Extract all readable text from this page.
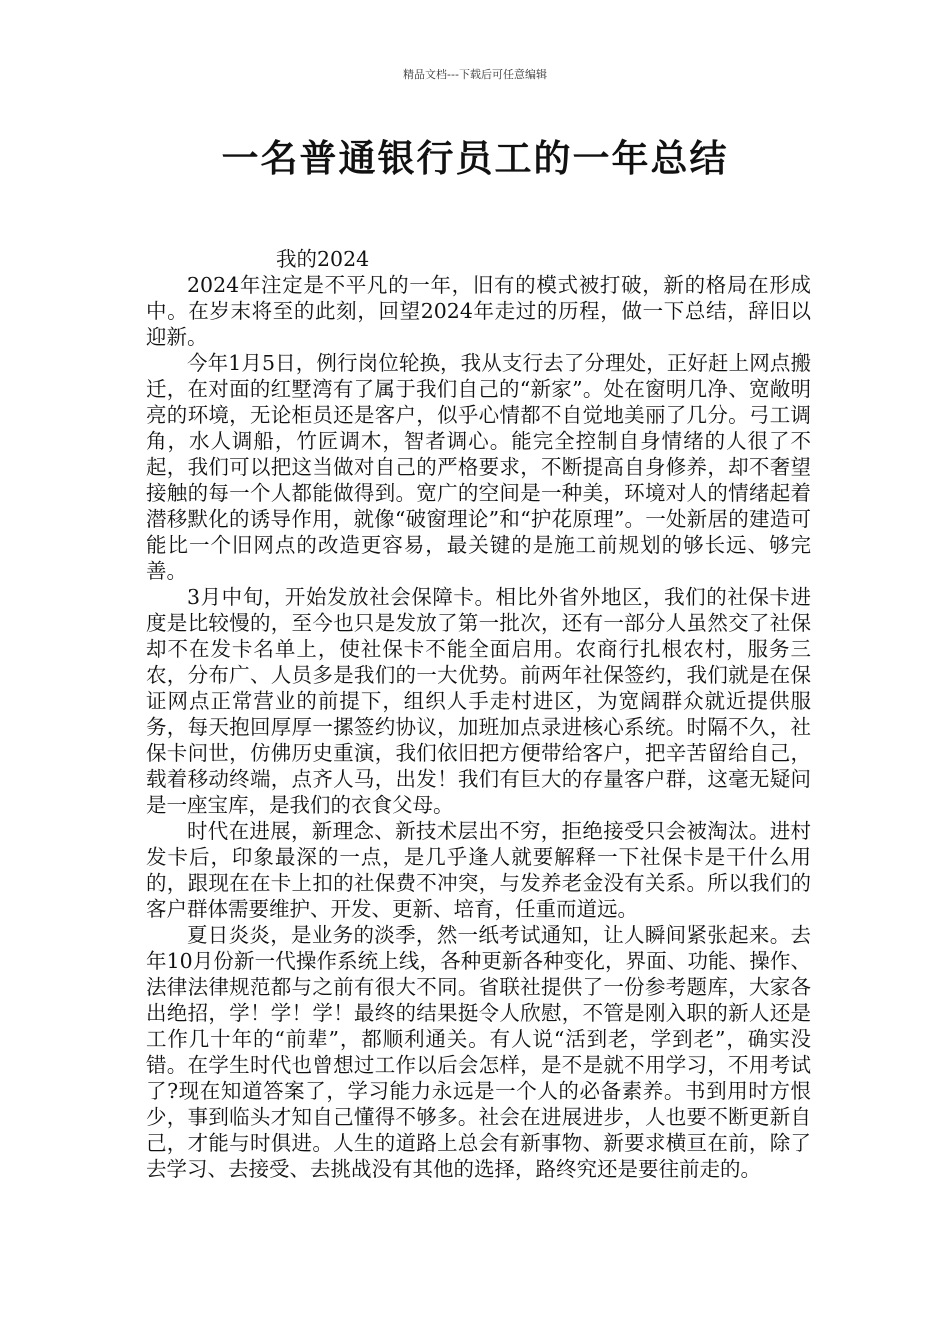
精品文档---下载后可任意编辑
一名普通银行员工的一年总结

我的2024

2024年注定是不平凡的一年，旧有的模式被打破，新的格局在形成中。在岁末将至的此刻，回望2024年走过的历程，做一下总结，辞旧以迎新。

今年1月5日，例行岗位轮换，我从支行去了分理处，正好赶上网点搬迁，在对面的红墅湾有了属于我们自己的“新家”。处在窗明几净、宽敞明亮的环境，无论柜员还是客户，似乎心情都不自觉地美丽了几分。弓工调角，水人调船，竹匠调木，智者调心。能完全控制自身情绪的人很了不起，我们可以把这当做对自己的严格要求，不断提高自身修养，却不奢望接触的每一个人都能做得到。宽广的空间是一种美，环境对人的情绪起着潜移默化的诱导作用，就像“破窗理论”和“护花原理”。一处新居的建造可能比一个旧网点的改造更容易，最关键的是施工前规划的够长远、够完善。

3月中旬，开始发放社会保障卡。相比外省外地区，我们的社保卡进度是比较慢的，至今也只是发放了第一批次，还有一部分人虽然交了社保却不在发卡名单上，使社保卡不能全面启用。农商行扎根农村，服务三农，分布广、人员多是我们的一大优势。前两年社保签约，我们就是在保证网点正常营业的前提下，组织人手走村进区，为宽阔群众就近提供服务，每天抱回厚厚一摞签约协议，加班加点录进核心系统。时隔不久，社保卡问世，仿佛历史重演，我们依旧把方便带给客户，把辛苦留给自己，载着移动终端，点齐人马，出发！我们有巨大的存量客户群，这毫无疑问是一座宝库，是我们的衣食父母。

时代在进展，新理念、新技术层出不穷，拒绝接受只会被淘汰。进村发卡后，印象最深的一点，是几乎逢人就要解释一下社保卡是干什么用的，跟现在在卡上扣的社保费不冲突，与发养老金没有关系。所以我们的客户群体需要维护、开发、更新、培育，任重而道远。

夏日炎炎，是业务的淡季，然一纸考试通知，让人瞬间紧张起来。去年10月份新一代操作系统上线，各种更新各种变化，界面、功能、操作、法律法律规范都与之前有很大不同。省联社提供了一份参考题库，大家各出绝招，学！学！学！最终的结果挺令人欣慰，不管是刚入职的新人还是工作几十年的“前辈”，都顺利通关。有人说“活到老，学到老”，确实没错。在学生时代也曾想过工作以后会怎样，是不是就不用学习，不用考试了?现在知道答案了，学习能力永远是一个人的必备素养。书到用时方恨少，事到临头才知自己懂得不够多。社会在进展进步，人也要不断更新自己，才能与时俱进。人生的道路上总会有新事物、新要求横亘在前，除了去学习、去接受、去挑战没有其他的选择，路终究还是要往前走的。
